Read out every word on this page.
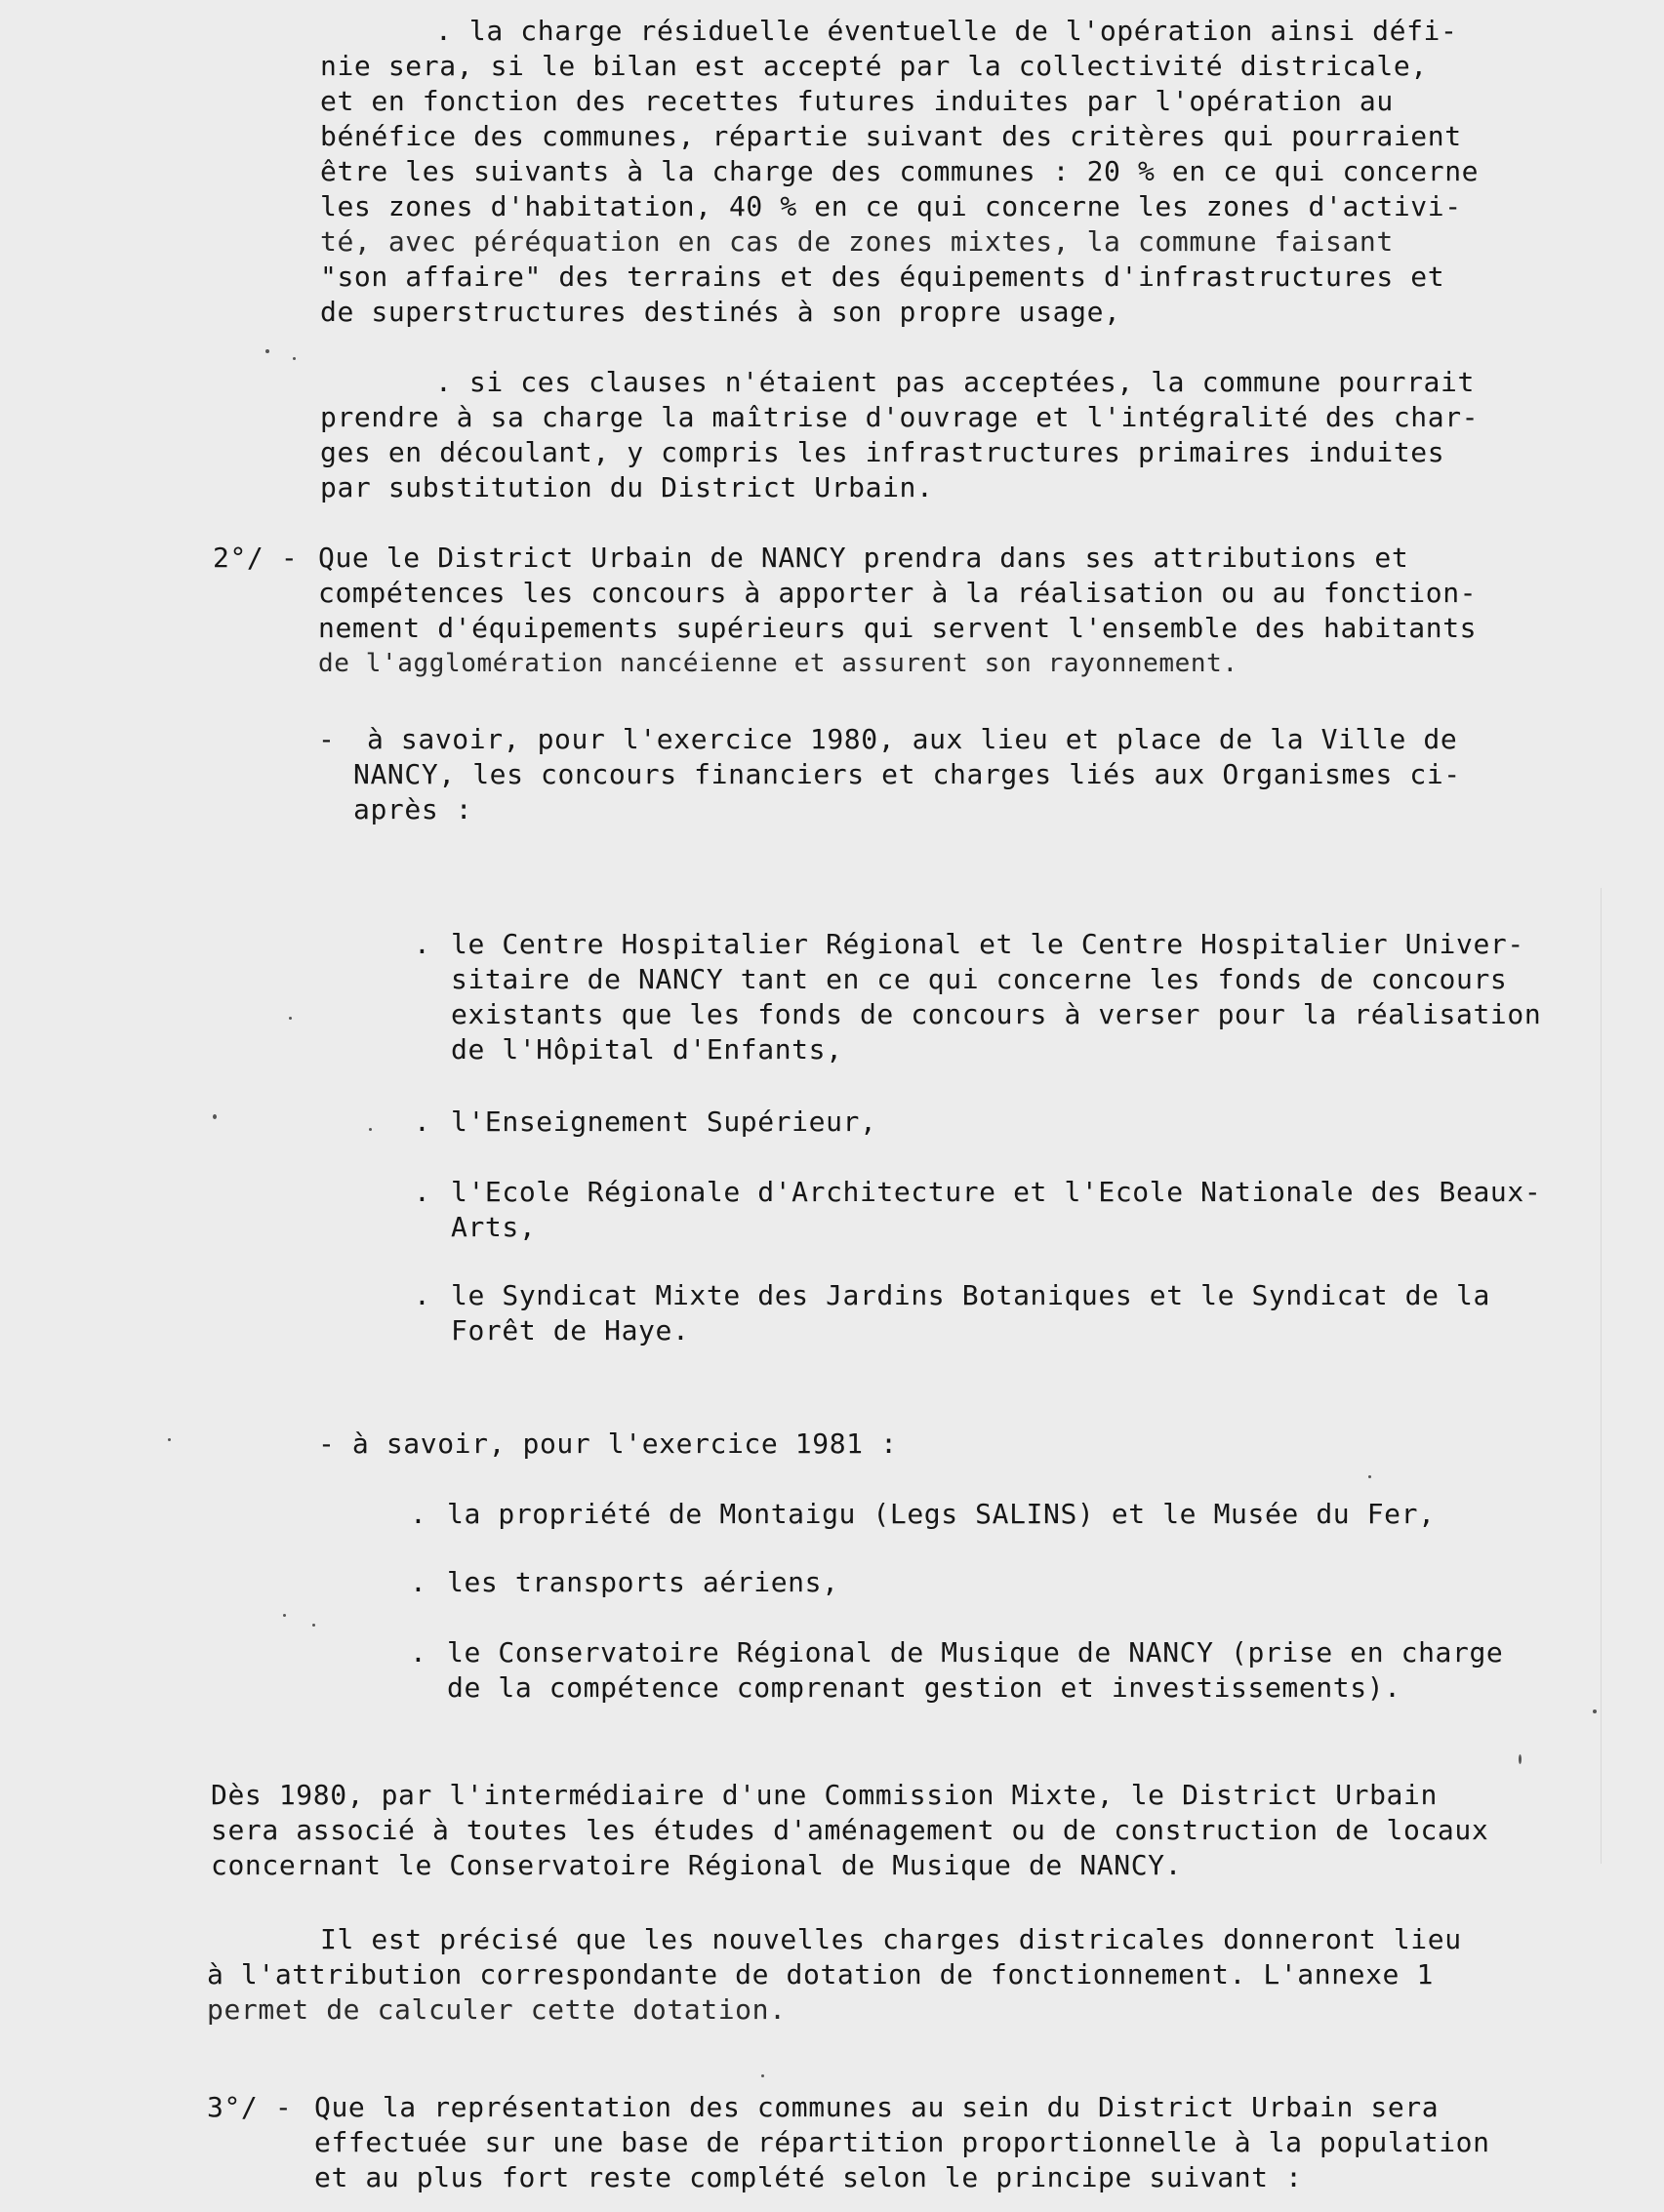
. la charge résiduelle éventuelle de l'opération ainsi défi-
nie sera, si le bilan est accepté par la collectivité districale,
et en fonction des recettes futures induites par l'opération au
bénéfice des communes, répartie suivant des critères qui pourraient
être les suivants à la charge des communes : 20 % en ce qui concerne
les zones d'habitation, 40 % en ce qui concerne les zones d'activi-
té, avec péréquation en cas de zones mixtes, la commune faisant
"son affaire" des terrains et des équipements d'infrastructures et
de superstructures destinés à son propre usage,
. si ces clauses n'étaient pas acceptées, la commune pourrait
prendre à sa charge la maîtrise d'ouvrage et l'intégralité des char-
ges en découlant, y compris les infrastructures primaires induites
par substitution du District Urbain.
2°/ - Que le District Urbain de NANCY prendra dans ses attributions et
compétences les concours à apporter à la réalisation ou au fonction-
nement d'équipements supérieurs qui servent l'ensemble des habitants
de l'agglomération nancéienne et assurent son rayonnement.
-	à savoir, pour l'exercice 1980, aux lieu et place de la Ville de
NANCY, les concours financiers et charges liés aux Organismes ci-
après :
. le Centre Hospitalier Régional et le Centre Hospitalier Univer-
sitaire de NANCY tant en ce qui concerne les fonds de concours
existants que les fonds de concours à verser pour la réalisation
de l'Hôpital d'Enfants,
. l'Enseignement Supérieur,
. l'Ecole Régionale d'Architecture et l'Ecole Nationale des Beaux-
Arts,
. le Syndicat Mixte des Jardins Botaniques et le Syndicat de la
Forêt de Haye.
- à savoir, pour l'exercice 1981 :
. la propriété de Montaigu (Legs SALINS) et le Musée du Fer,
. les transports aériens,
. le Conservatoire Régional de Musique de NANCY (prise en charge
de la compétence comprenant gestion et investissements).
Dès 1980, par l'intermédiaire d'une Commission Mixte, le District Urbain
sera associé à toutes les études d'aménagement ou de construction de locaux
concernant le Conservatoire Régional de Musique de NANCY.
Il est précisé que les nouvelles charges districales donneront lieu
à l'attribution correspondante de dotation de fonctionnement. L'annexe 1
permet de calculer cette dotation.
3°/ - Que la représentation des communes au sein du District Urbain sera
effectuée sur une base de répartition proportionnelle à la population
et au plus fort reste complété selon le principe suivant :
